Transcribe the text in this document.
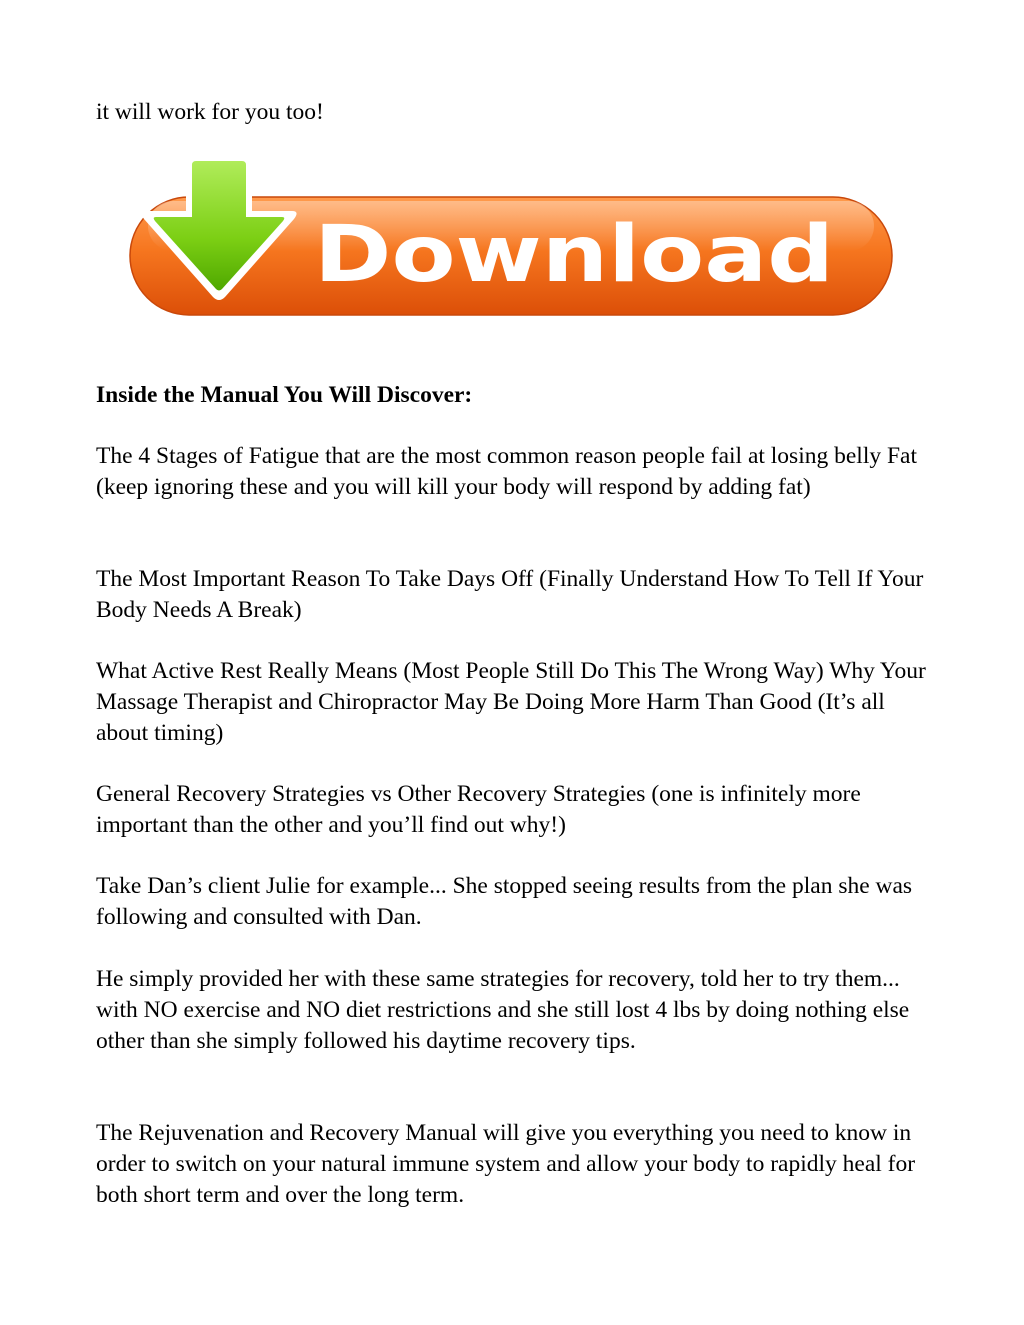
it will work for you too!

Download

Inside the Manual You Will Discover:

The 4 Stages of Fatigue that are the most common reason people fail at losing belly Fat (keep ignoring these and you will kill your body will respond by adding fat)

The Most Important Reason To Take Days Off (Finally Understand How To Tell If Your Body Needs A Break)

What Active Rest Really Means (Most People Still Do This The Wrong Way) Why Your Massage Therapist and Chiropractor May Be Doing More Harm Than Good (It’s all about timing)

General Recovery Strategies vs Other Recovery Strategies (one is infinitely more important than the other and you’ll find out why!)

Take Dan’s client Julie for example... She stopped seeing results from the plan she was following and consulted with Dan.

He simply provided her with these same strategies for recovery, told her to try them... with NO exercise and NO diet restrictions and she still lost 4 lbs by doing nothing else other than she simply followed his daytime recovery tips.

The Rejuvenation and Recovery Manual will give you everything you need to know in order to switch on your natural immune system and allow your body to rapidly heal for both short term and over the long term.
